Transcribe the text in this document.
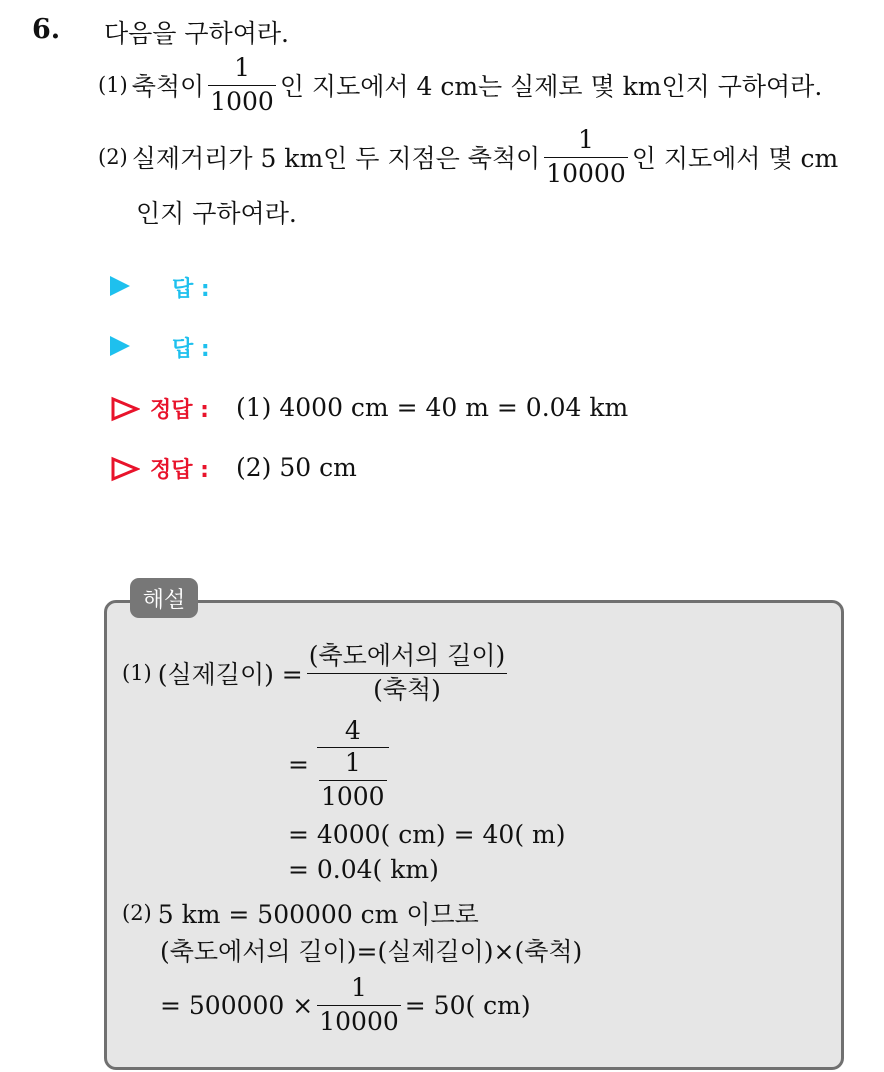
6. 다음을 구하여라.
(1) 축척이 $\frac{1}{1000}$ 인 지도에서 4 cm는 실제로 몇 km인지 구하여라.
(2) 실제거리가 5 km인 두 지점은 축척이 $\frac{1}{10000}$ 인 지도에서 몇 cm
인지 구하여라.
답 :
답 :
정답 : (1) 4000 cm = 40 m = 0.04 km
정답 : (2) 50 cm
해설
(1) (실제길이) = $\frac{\text{(축도에서의 길이)}}{\text{(축척)}}$
= $\frac{4}{\frac{1}{1000}}$
= 4000( cm) = 40( m)
= 0.04( km)
(2) 5 km = 500000 cm 이므로
(축도에서의 길이)=(실제길이)×(축척)
= $500000 \times \frac{1}{10000} = 50$( cm)
